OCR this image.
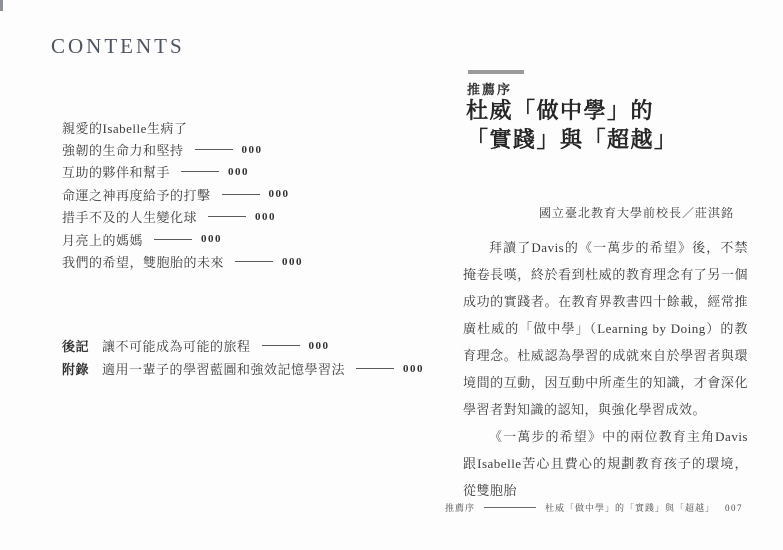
CONTENTS
親愛的Isabelle生病了
強韌的生命力和堅持	000
互助的夥伴和幫手	000
命運之神再度給予的打擊	000
措手不及的人生變化球	000
月亮上的媽媽	000
我們的希望，雙胞胎的未來	000
後記 讓不可能成為可能的旅程	000
附錄 適用一輩子的學習藍圖和強效記憶學習法	000
推薦序
杜威「做中學」的
「實踐」與「超越」
國立臺北教育大學前校長／莊淇銘

拜讀了Davis的《一萬步的希望》後，不禁掩卷長嘆，終於看到杜威的教育理念有了另一個成功的實踐者。在教育界教書四十餘載，經常推廣杜威的「做中學」（Learning by Doing）的教育理念。杜威認為學習的成就來自於學習者與環境間的互動，因互動中所產生的知識，才會深化學習者對知識的認知，與強化學習成效。

《一萬步的希望》中的兩位教育主角Davis跟Isabelle苦心且費心的規劃教育孩子的環境，從雙胞胎

推薦序	杜威「做中學」的「實踐」與「超越」 007
